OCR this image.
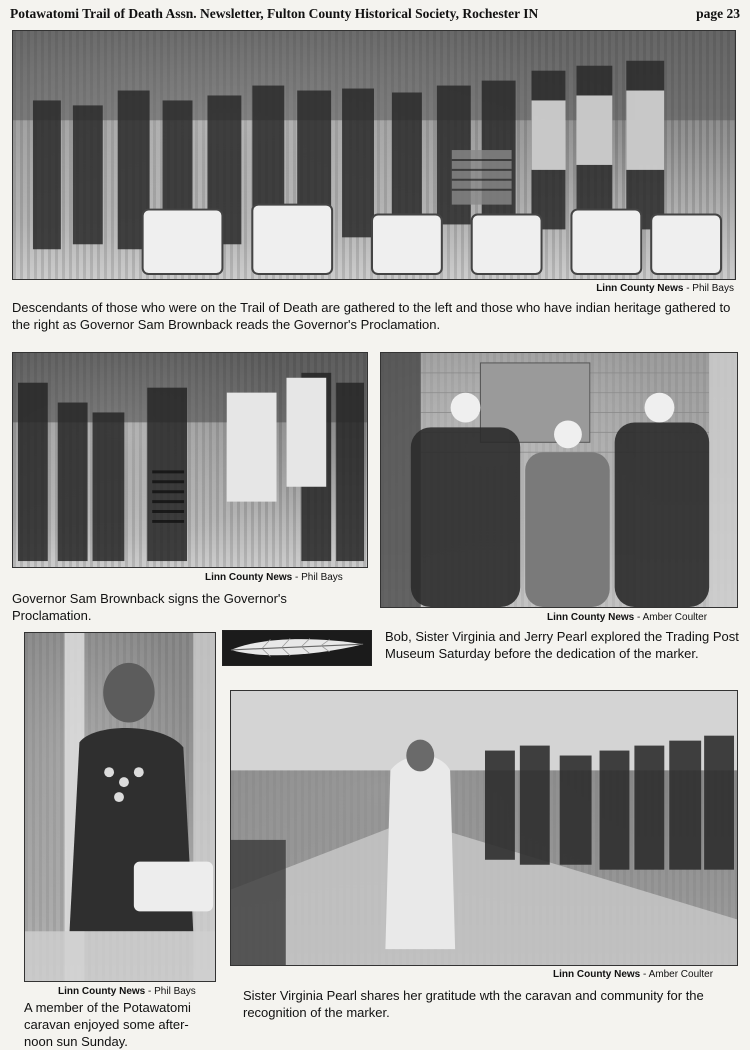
Potawatomi Trail of Death Assn. Newsletter, Fulton County Historical Society, Rochester IN	page 23
Linn County News - Phil Bays
Descendants of those who were on the Trail of Death are gathered to the left and those who have indian heritage gathered to the right as Governor Sam Brownback reads the Governor's Proclamation.
Linn County News - Phil Bays
Governor Sam Brownback signs the Governor's Proclamation.	Linn County News - Amber Coulter
Bob, Sister Virginia and Jerry Pearl explored the Trading Post Museum Saturday before the dedication of the marker.
Linn County News - Phil Bays
A member of the Potawatomi caravan enjoyed some after-noon sun Sunday.
Linn County News - Amber Coulter
Sister Virginia Pearl shares her gratitude wth the caravan and community for the recognition of the marker.
